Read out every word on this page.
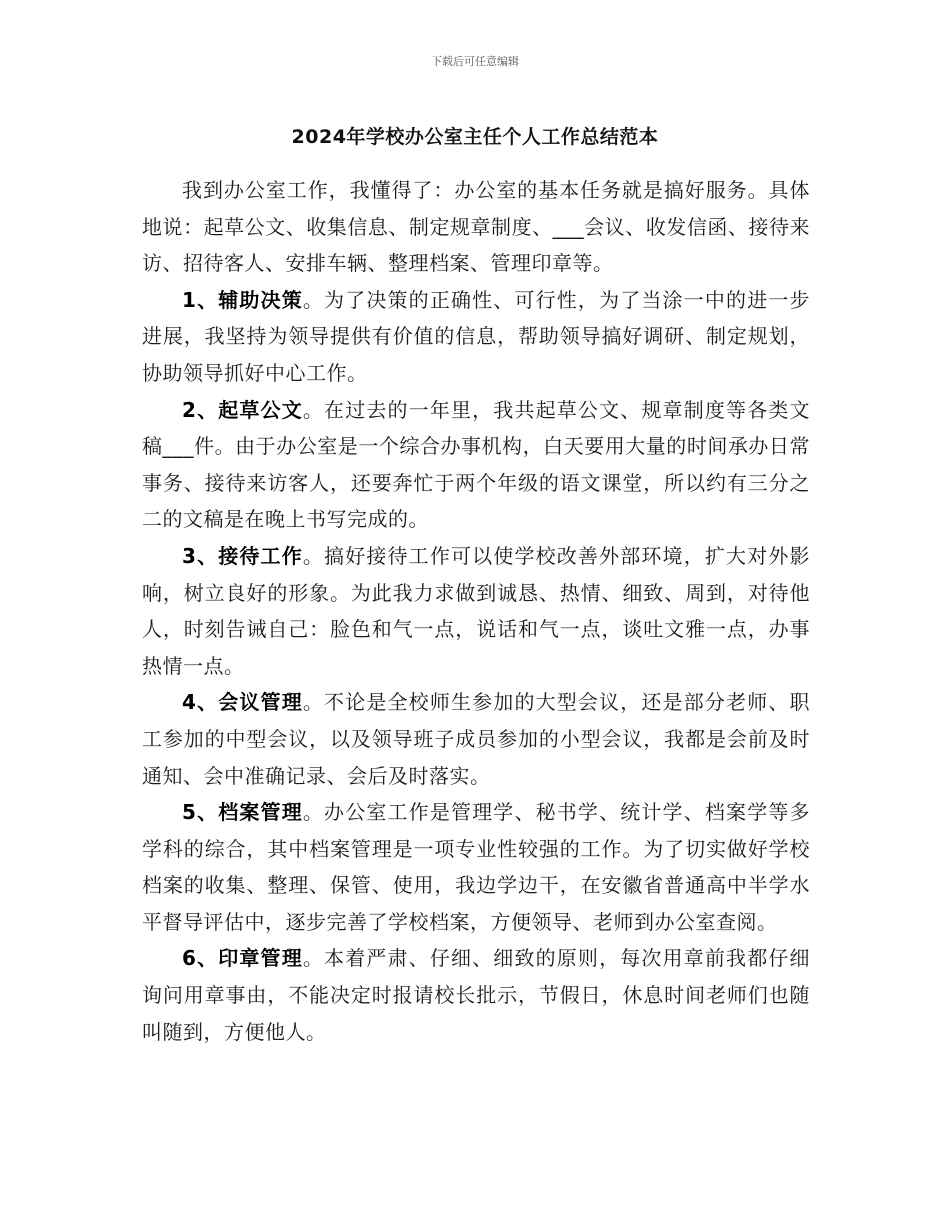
下载后可任意编辑
2024年学校办公室主任个人工作总结范本

我到办公室工作，我懂得了：办公室的基本任务就是搞好服务。具体地说：起草公文、收集信息、制定规章制度、___会议、收发信函、接待来访、招待客人、安排车辆、整理档案、管理印章等。

1、辅助决策。为了决策的正确性、可行性，为了当涂一中的进一步进展，我坚持为领导提供有价值的信息，帮助领导搞好调研、制定规划，协助领导抓好中心工作。

2、起草公文。在过去的一年里，我共起草公文、规章制度等各类文稿___件。由于办公室是一个综合办事机构，白天要用大量的时间承办日常事务、接待来访客人，还要奔忙于两个年级的语文课堂，所以约有三分之二的文稿是在晚上书写完成的。

3、接待工作。搞好接待工作可以使学校改善外部环境，扩大对外影响，树立良好的形象。为此我力求做到诚恳、热情、细致、周到，对待他人，时刻告诫自己：脸色和气一点，说话和气一点，谈吐文雅一点，办事热情一点。

4、会议管理。不论是全校师生参加的大型会议，还是部分老师、职工参加的中型会议，以及领导班子成员参加的小型会议，我都是会前及时通知、会中准确记录、会后及时落实。

5、档案管理。办公室工作是管理学、秘书学、统计学、档案学等多学科的综合，其中档案管理是一项专业性较强的工作。为了切实做好学校档案的收集、整理、保管、使用，我边学边干，在安徽省普通高中半学水平督导评估中，逐步完善了学校档案，方便领导、老师到办公室查阅。

6、印章管理。本着严肃、仔细、细致的原则，每次用章前我都仔细询问用章事由，不能决定时报请校长批示，节假日，休息时间老师们也随叫随到，方便他人。
